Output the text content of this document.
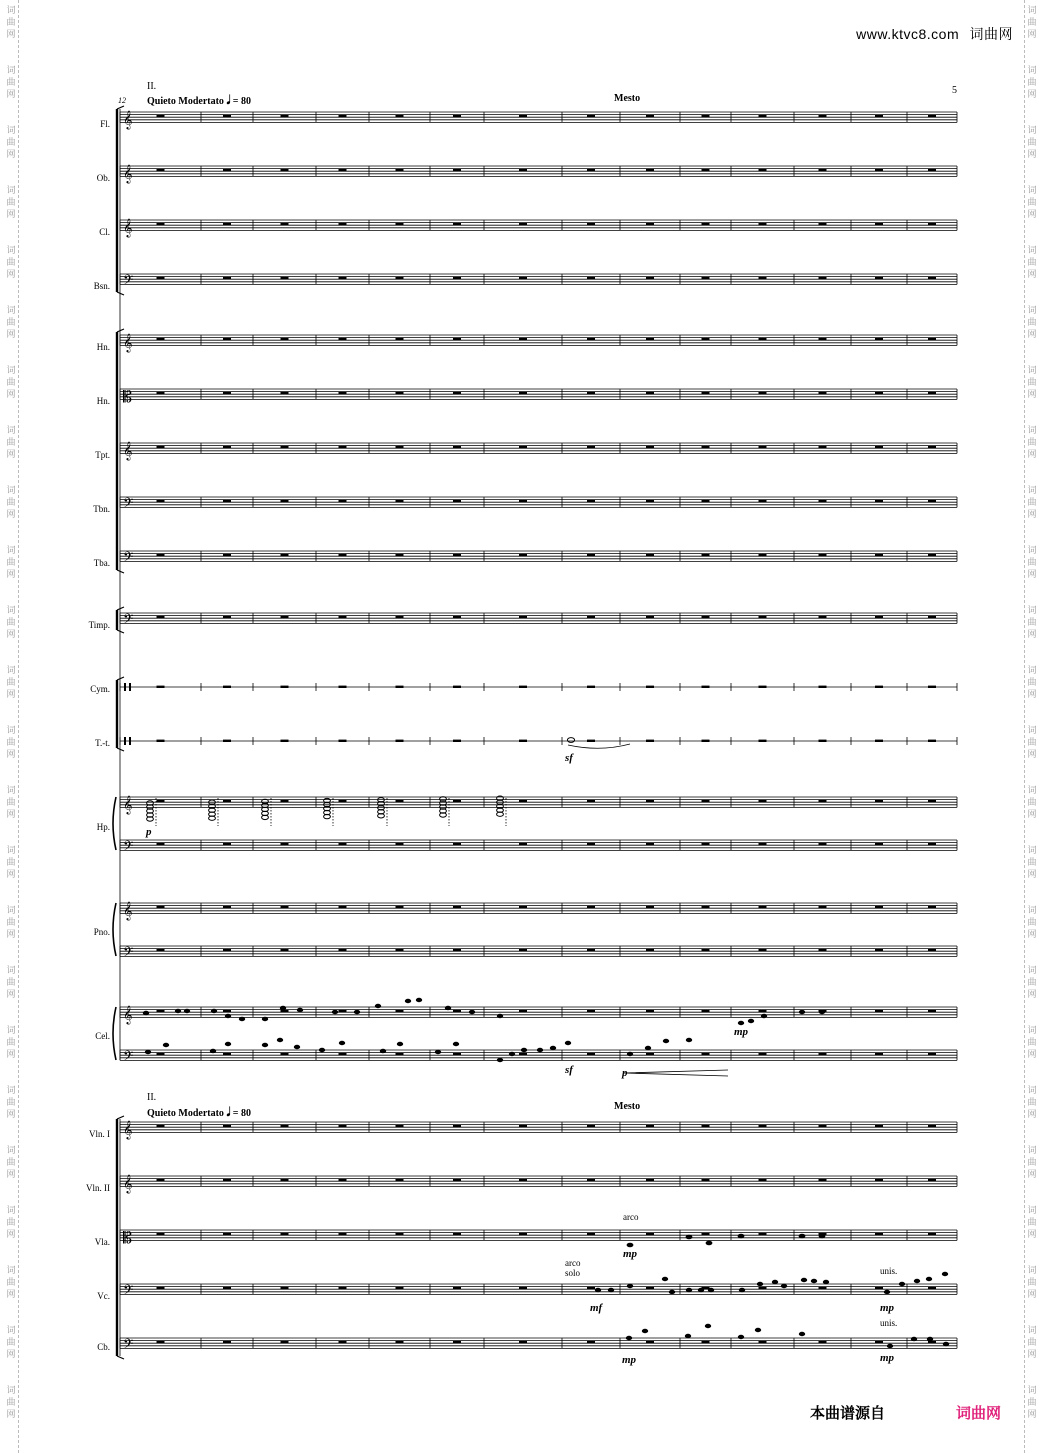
词
曲
网
词
曲
网
词
曲
网
词
曲
网
词
曲
网
词
曲
网
词
曲
网
词
曲
网
词
曲
网
词
曲
网
词
曲
网
词
曲
网
词
曲
网
词
曲
网
词
曲
网
词
曲
网
词
曲
网
词
曲
网
词
曲
网
词
曲
网
词
曲
网
词
曲
网
词
曲
网
词
曲
网
词
曲
网
词
曲
网
词
曲
网
词
曲
网
词
曲
网
词
曲
网
词
曲
网
词
曲
网
词
曲
网
词
曲
网
词
曲
网
词
曲
网
词
曲
网
词
曲
网
词
曲
网
词
曲
网
词
曲
网
词
曲
网
词
曲
网
词
曲
网
词
曲
网
词
曲
网
词
曲
网
词
曲
网
www.ktvc8.com 词曲网
5
II.
Quieto Modertato 𝅘𝅥 = 80	Mesto
12
II.
Quieto Modertato 𝅘𝅥 = 80
Mesto
Fl.
Ob.
Cl.
Bsn.
Hn.
Hn.
Tpt.
Tbn.
Tba.
Timp.
Cym.
T.-t.
Hp.
Pno.
Cel.
Vln. I
Vln. II
Vla.
Vc.
Cb.
arco
arco
solo	unis.
unis.
p
p
mp
sf
sf
mp
mf
mp
mp
mp
𝄞
𝄞
𝄞
𝄢
𝄞
𝄡
𝄞
𝄢
𝄢
𝄢
𝄞
𝄢
𝄞
𝄢
𝄞
𝄢
𝄞
𝄞
𝄡
𝄢
𝄢
本曲谱源自	词曲网
